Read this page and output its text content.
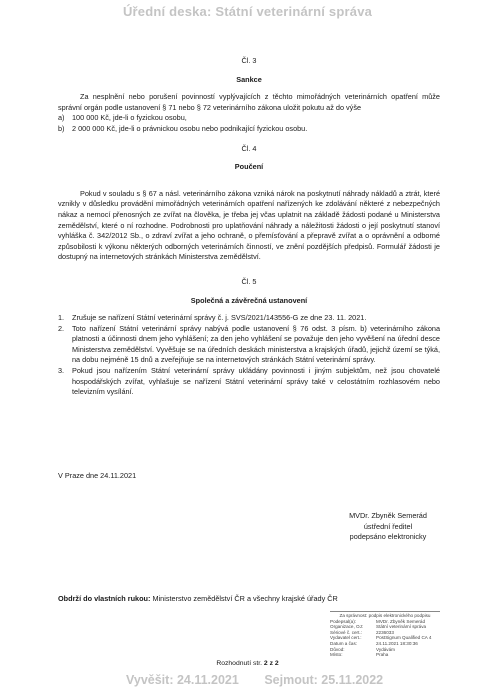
Úřední deska: Státní veterinární správa
Čl. 3
Sankce
Za nesplnění nebo porušení povinností vyplývajících z těchto mimořádných veterinárních opatření může správní orgán podle ustanovení § 71 nebo § 72 veterinárního zákona uložit pokutu až do výše
a) 100 000 Kč, jde-li o fyzickou osobu,
b) 2 000 000 Kč, jde-li o právnickou osobu nebo podnikající fyzickou osobu.
Čl. 4
Poučení
Pokud v souladu s § 67 a násl. veterinárního zákona vzniká nárok na poskytnutí náhrady nákladů a ztrát, které vznikly v důsledku provádění mimořádných veterinárních opatření nařízených ke zdolávání některé z nebezpečných nákaz a nemocí přenosných ze zvířat na člověka, je třeba jej včas uplatnit na základě žádosti podané u Ministerstva zemědělství, které o ní rozhodne. Podrobnosti pro uplatňování náhrady a náležitosti žádosti o její poskytnutí stanoví vyhláška č. 342/2012 Sb., o zdraví zvířat a jeho ochraně, o přemísťování a přepravě zvířat a o oprávnění a odborné způsobilosti k výkonu některých odborných veterinárních činností, ve znění pozdějších předpisů. Formulář žádosti je dostupný na internetových stránkách Ministerstva zemědělství.
Čl. 5
Společná a závěrečná ustanovení
1. Zrušuje se nařízení Státní veterinární správy č. j. SVS/2021/143556-G ze dne 23. 11. 2021.
2. Toto nařízení Státní veterinární správy nabývá podle ustanovení § 76 odst. 3 písm. b) veterinárního zákona platnosti a účinnosti dnem jeho vyhlášení; za den jeho vyhlášení se považuje den jeho vyvěšení na úřední desce Ministerstva zemědělství. Vyvěšuje se na úředních deskách ministerstva a krajských úřadů, jejichž území se týká, na dobu nejméně 15 dnů a zveřejňuje se na internetových stránkách Státní veterinární správy.
3. Pokud jsou nařízením Státní veterinární správy ukládány povinnosti i jiným subjektům, než jsou chovatelé hospodářských zvířat, vyhlašuje se nařízení Státní veterinární správy také v celostátním rozhlasovém nebo televizním vysílání.
V Praze dne 24.11.2021
MVDr. Zbyněk Semerád
ústřední ředitel
podepsáno elektronicky
Obdrží do vlastních rukou: Ministerstvo zemědělství ČR a všechny krajské úřady ČR
Za správnost: podpis elektronického podpisu
Podepsal(a):	MVDr. Zbyněk Semerád
Organizace, OJ:	Státní veterinární správa
Sériové č. cert.:	2236033
Vydavatel cert.:	PostSignum Qualified CA 4
Datum a čas:	24.11.2021 18:30:36
Důvod:	Vydávám
Místo:	Praha
Rozhodnutí str. 2 z 2
Vyvěšit: 24.11.2021 Sejmout: 25.11.2022
